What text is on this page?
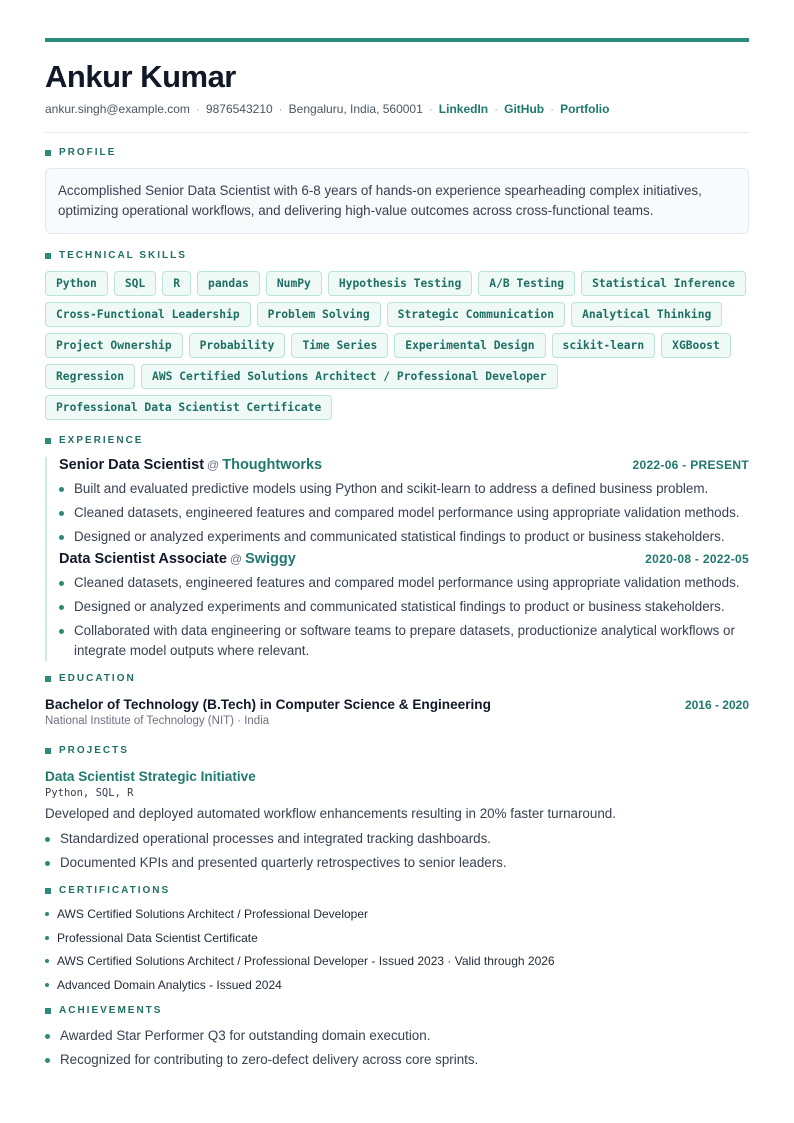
Ankur Kumar
ankur.singh@example.com · 9876543210 · Bengaluru, India, 560001 · LinkedIn · GitHub · Portfolio
PROFILE
Accomplished Senior Data Scientist with 6-8 years of hands-on experience spearheading complex initiatives, optimizing operational workflows, and delivering high-value outcomes across cross-functional teams.
TECHNICAL SKILLS
Python	SQL	R	pandas	NumPy	Hypothesis Testing	A/B Testing	Statistical Inference
Cross-Functional Leadership	Problem Solving	Strategic Communication	Analytical Thinking
Project Ownership	Probability	Time Series	Experimental Design	scikit-learn	XGBoost
Regression	AWS Certified Solutions Architect / Professional Developer
Professional Data Scientist Certificate
EXPERIENCE
Senior Data Scientist @ Thoughtworks	2022-06 - PRESENT
Built and evaluated predictive models using Python and scikit-learn to address a defined business problem.
Cleaned datasets, engineered features and compared model performance using appropriate validation methods.
Designed or analyzed experiments and communicated statistical findings to product or business stakeholders.
Data Scientist Associate @ Swiggy	2020-08 - 2022-05
Cleaned datasets, engineered features and compared model performance using appropriate validation methods.
Designed or analyzed experiments and communicated statistical findings to product or business stakeholders.
Collaborated with data engineering or software teams to prepare datasets, productionize analytical workflows or integrate model outputs where relevant.
EDUCATION
Bachelor of Technology (B.Tech) in Computer Science & Engineering	2016 - 2020
National Institute of Technology (NIT) · India
PROJECTS
Data Scientist Strategic Initiative
Python, SQL, R
Developed and deployed automated workflow enhancements resulting in 20% faster turnaround.
Standardized operational processes and integrated tracking dashboards.
Documented KPIs and presented quarterly retrospectives to senior leaders.
CERTIFICATIONS
AWS Certified Solutions Architect / Professional Developer
Professional Data Scientist Certificate
AWS Certified Solutions Architect / Professional Developer - Issued 2023 · Valid through 2026
Advanced Domain Analytics - Issued 2024
ACHIEVEMENTS
Awarded Star Performer Q3 for outstanding domain execution.
Recognized for contributing to zero-defect delivery across core sprints.
